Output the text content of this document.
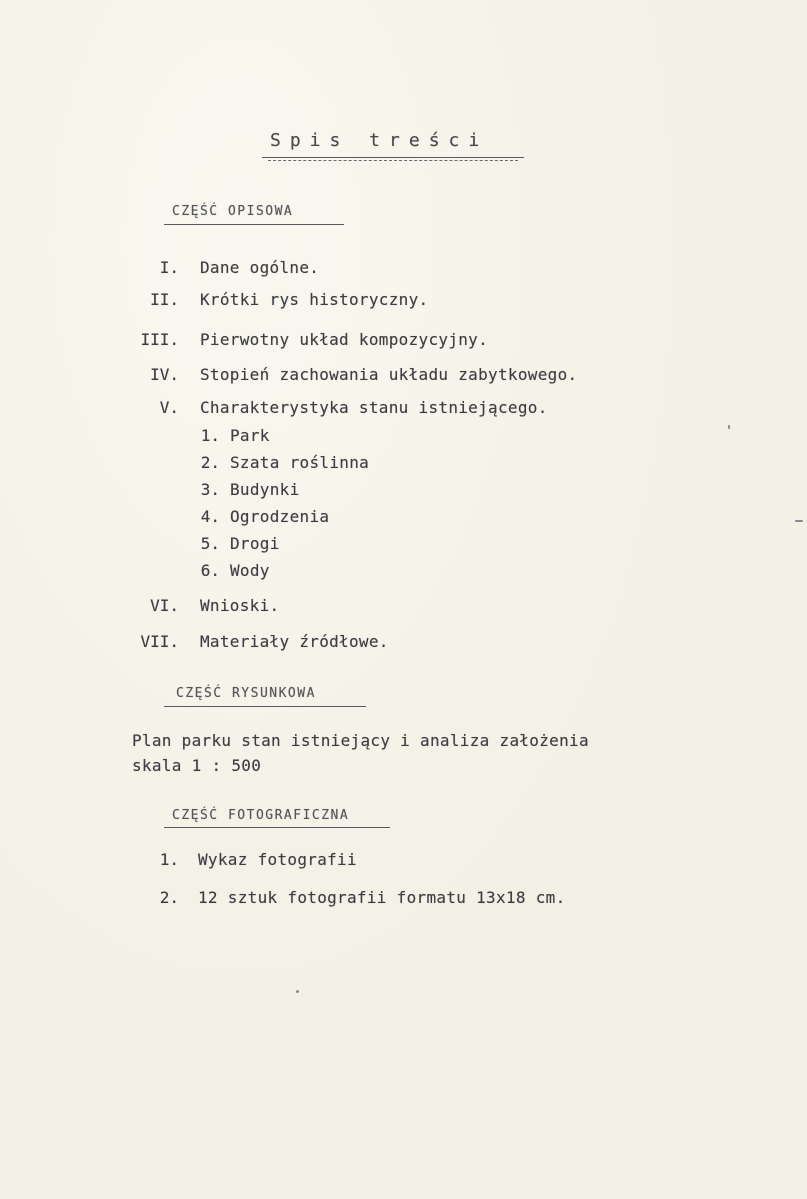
Spis treści
CZĘŚĆ OPISOWA
I. Dane ogólne.
II. Krótki rys historyczny.
III. Pierwotny układ kompozycyjny.
IV. Stopień zachowania układu zabytkowego.
V. Charakterystyka stanu istniejącego.
1. Park
2. Szata roślinna
3. Budynki
4. Ogrodzenia
5. Drogi
6. Wody
VI. Wnioski.
VII. Materiały źródłowe.
CZĘŚĆ RYSUNKOWA
Plan parku stan istniejący i analiza założenia
skala 1 : 500
CZĘŚĆ FOTOGRAFICZNA
1. Wykaz fotografii
2. 12 sztuk fotografii formatu 13x18 cm.
